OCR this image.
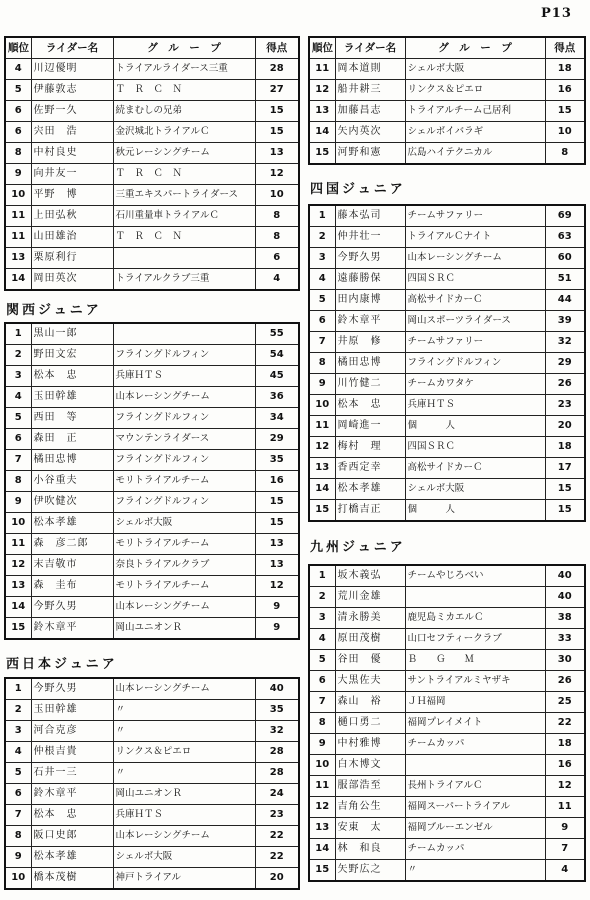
P13
順位	ライダー名	グ　ル　ー　プ	得点
4	川辺優明	トライアルライダース三重	28
5	伊藤敦志	Ｔ　Ｒ　Ｃ　Ｎ	27
6	佐野一久	続まむしの兄弟	15
6	宍田　浩	金沢城北トライアルＣ	15
8	中村良史	秋元レーシングチーム	13
9	向井友一	Ｔ　Ｒ　Ｃ　Ｎ	12
10	平野　博	三重エキスパートライダース	10
11	上田弘秋	石川重量車トライアルＣ	8
11	山田雄治	Ｔ　Ｒ　Ｃ　Ｎ	8
13	栗原利行		6
14	岡田英次	トライアルクラブ三重	4
関西ジュニア
1	黒山一郎		55
2	野田文宏	フライングドルフィン	54
3	松本　忠	兵庫ＨＴＳ	45
4	玉田幹雄	山本レーシングチーム	36
5	西田　等	フライングドルフィン	34
6	森田　正	マウンテンライダース	29
7	橘田忠博	フライングドルフィン	35
8	小谷重夫	モリトライアルチーム	16
9	伊吹健次	フライングドルフィン	15
10	松本孝雄	シェルボ大阪	15
11	森　彦二郎	モリトライアルチーム	13
12	末吉敬市	奈良トライアルクラブ	13
13	森　圭布	モリトライアルチーム	12
14	今野久男	山本レーシングチーム	9
15	鈴木章平	岡山ユニオンＲ	9
西日本ジュニア
1	今野久男	山本レーシングチーム	40
2	玉田幹雄	〃	35
3	河合克彦	〃	32
4	仲根吉貴	リンクス＆ピエロ	28
5	石井一三	〃	28
6	鈴木章平	岡山ユニオンＲ	24
7	松本　忠	兵庫ＨＴＳ	23
8	阪口史郎	山本レーシングチーム	22
9	松本孝雄	シェルボ大阪	22
10	橋本茂樹	神戸トライアル	20
順位	ライダー名	グ　ル　ー　プ	得点
11	岡本道則	シェルボ大阪	18
12	船井耕三	リンクス＆ピエロ	16
13	加藤昌志	トライアルチーム己居利	15
14	矢内英次	シェルボイバラギ	10
15	河野和憲	広島ハイテクニカル	8
四国ジュニア
1	藤本弘司	チームサファリー	69
2	仲井壮一	トライアルＣナイト	63
3	今野久男	山本レーシングチーム	60
4	遠藤勝保	四国ＳＲＣ	51
5	田内康博	高松サイドカーＣ	44
6	鈴木章平	岡山スポーツライダース	39
7	井原　修	チームサファリー	32
8	橘田忠博	フライングドルフィン	29
9	川竹健二	チームカワタケ	26
10	松本　忠	兵庫ＨＴＳ	23
11	岡崎進一	個　　　人	20
12	梅村　理	四国ＳＲＣ	18
13	香西定幸	高松サイドカーＣ	17
14	松本孝雄	シェルボ大阪	15
15	打橋吉正	個　　　人	15
九州ジュニア
1	坂木義弘	チームやじろべい	40
2	荒川金雄		40
3	清永勝美	鹿児島ミカエルＣ	38
4	原田茂樹	山口セフティークラブ	33
5	谷田　優	Ｂ　　Ｇ　　Ｍ	30
6	大黒佐夫	サントライアルミヤザキ	26
7	森山　裕	ＪＨ福岡	25
8	樋口勇二	福岡プレイメイト	22
9	中村雅博	チームカッパ	18
10	白木博文		16
11	服部浩至	長州トライアルＣ	12
12	吉角公生	福岡スーパートライアル	11
13	安東　太	福岡ブルーエンゼル	9
14	林　和良	チームカッパ	7
15	矢野広之	〃	4
